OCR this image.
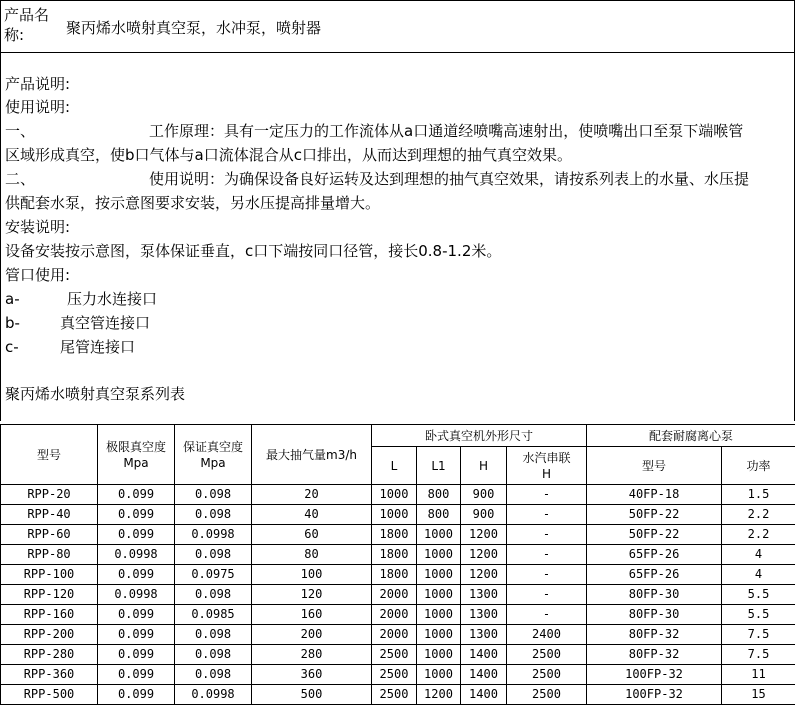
产品名称:	聚丙烯水喷射真空泵，水冲泵，喷射器
产品说明:
使用说明:
一、	工作原理：具有一定压力的工作流体从a口通道经喷嘴高速射出，使喷嘴出口至泵下端喉管
区域形成真空，使b口气体与a口流体混合从c口排出，从而达到理想的抽气真空效果。
二、	使用说明：为确保设备良好运转及达到理想的抽气真空效果，请按系列表上的水量、水压提
供配套水泵，按示意图要求安装，另水压提高排量增大。
安装说明:
设备安装按示意图，泵体保证垂直，c口下端按同口径管，接长0.8-1.2米。
管口使用:
a-	压力水连接口
b-	真空管连接口
c-	尾管连接口
聚丙烯水喷射真空泵系列表
型号	极限真空度Mpa	保证真空度Mpa	最大抽气量m3/h	卧式真空机外形尺寸				配套耐腐离心泵	
				L	L1	H	水汽串联H	型号	功率
RPP-20	0.099	0.098	20	1000	800	900	-	40FP-18	1.5
RPP-40	0.099	0.098	40	1000	800	900	-	50FP-22	2.2
RPP-60	0.099	0.0998	60	1800	1000	1200	-	50FP-22	2.2
RPP-80	0.0998	0.098	80	1800	1000	1200	-	65FP-26	4
RPP-100	0.099	0.0975	100	1800	1000	1200	-	65FP-26	4
RPP-120	0.0998	0.098	120	2000	1000	1300	-	80FP-30	5.5
RPP-160	0.099	0.0985	160	2000	1000	1300	-	80FP-30	5.5
RPP-200	0.099	0.098	200	2000	1000	1300	2400	80FP-32	7.5
RPP-280	0.099	0.098	280	2500	1000	1400	2500	80FP-32	7.5
RPP-360	0.099	0.098	360	2500	1000	1400	2500	100FP-32	11
RPP-500	0.099	0.0998	500	2500	1200	1400	2500	100FP-32	15
